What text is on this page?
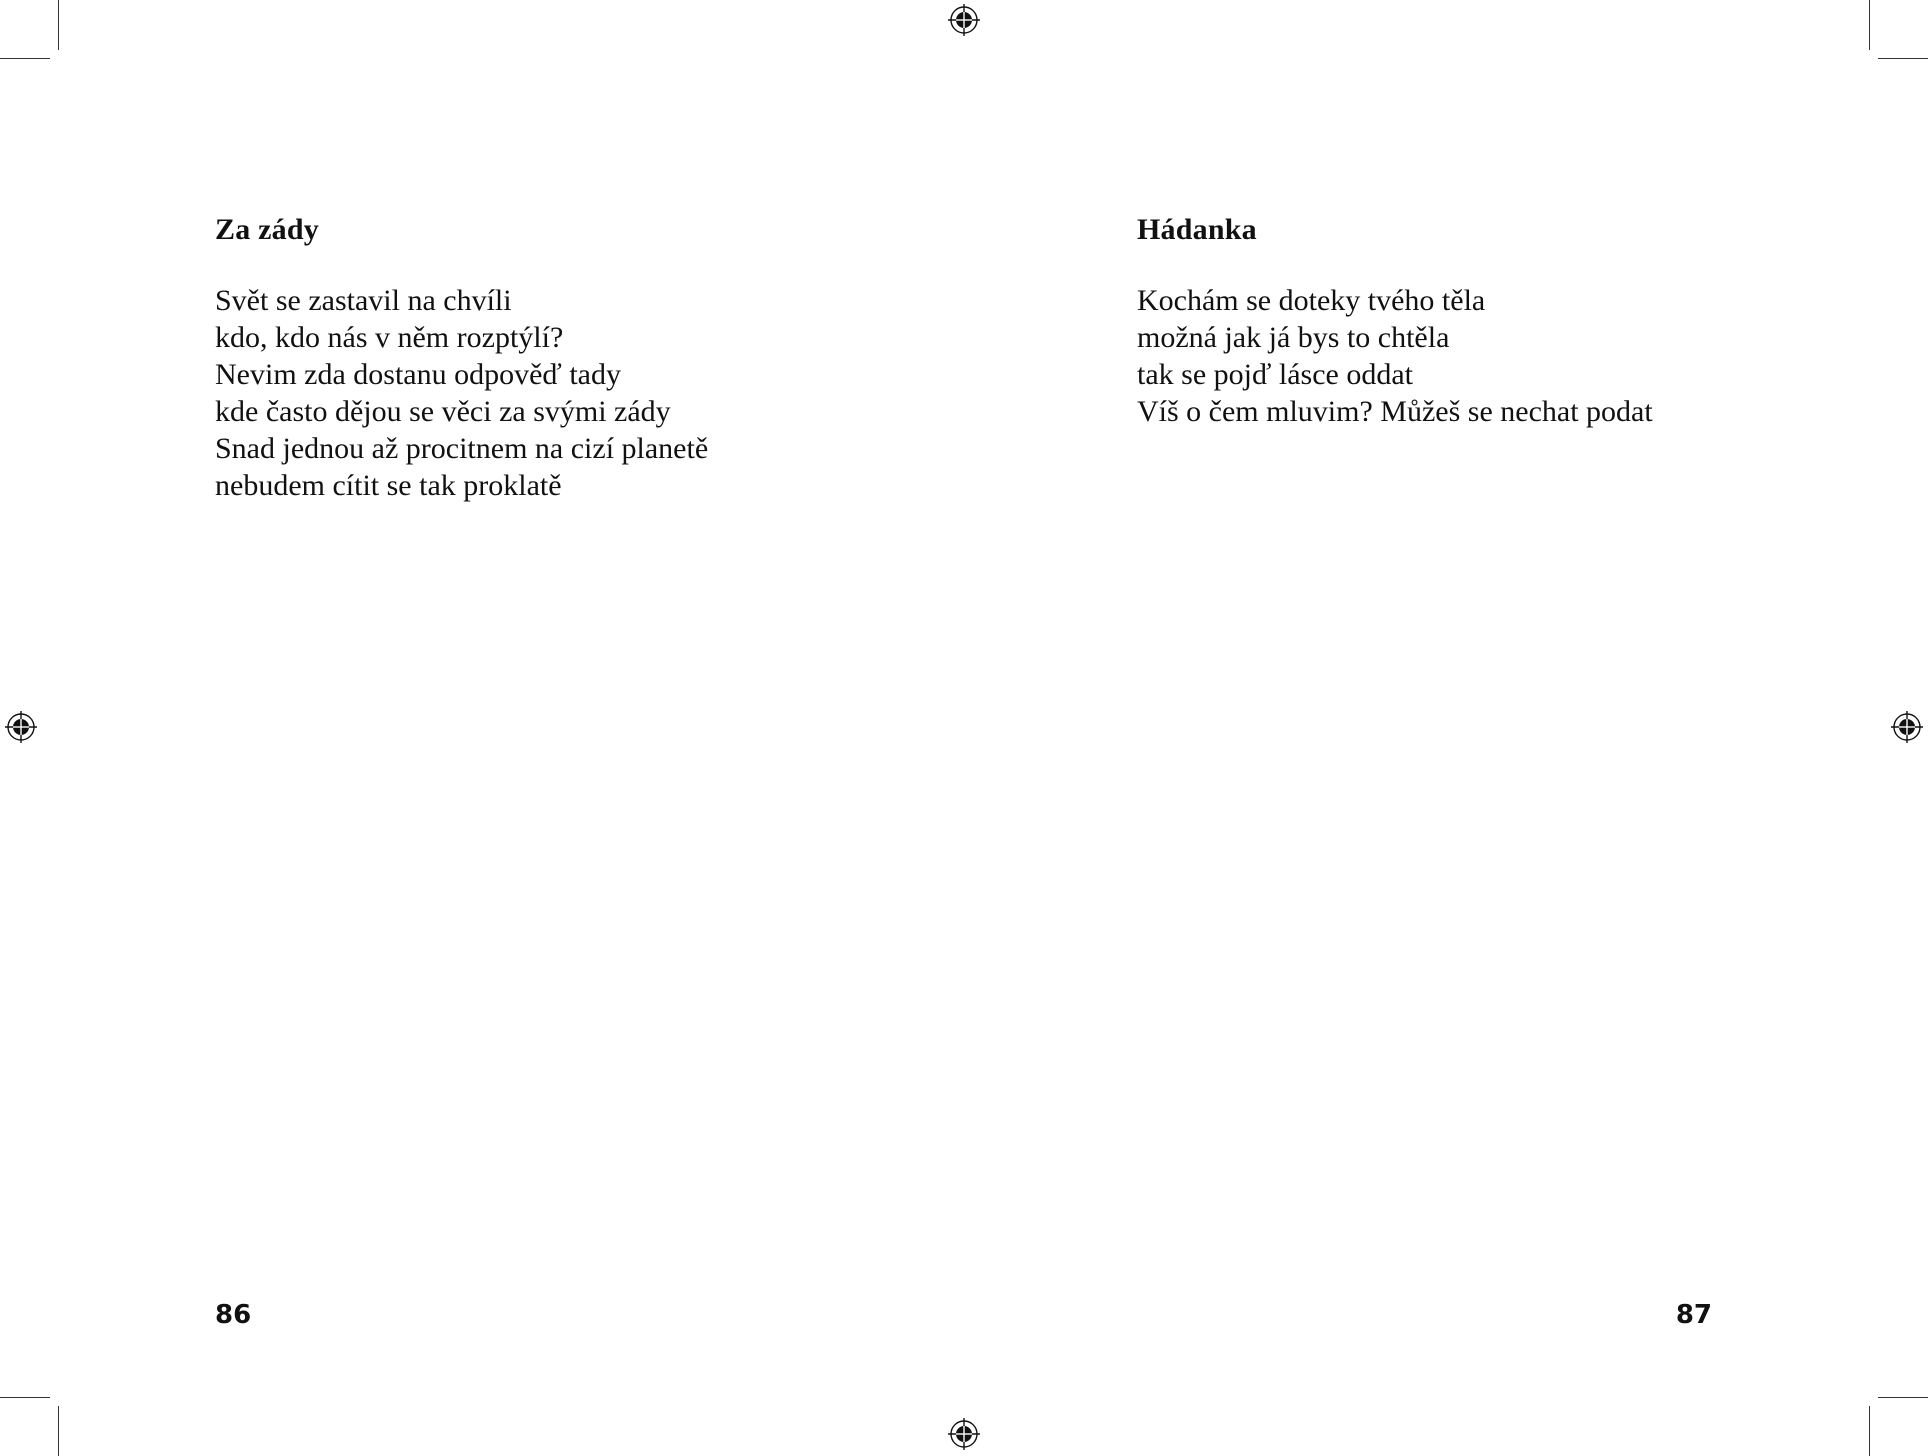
Za zády
Svět se zastavil na chvíli
kdo, kdo nás v něm rozptýlí?
Nevim zda dostanu odpověď tady
kde často dějou se věci za svými zády
Snad jednou až procitnem na cizí planetě
nebudem cítit se tak proklatě
86
Hádanka
Kochám se doteky tvého těla
možná jak já bys to chtěla
tak se pojď lásce oddat
Víš o čem mluvim? Můžeš se nechat podat
87
